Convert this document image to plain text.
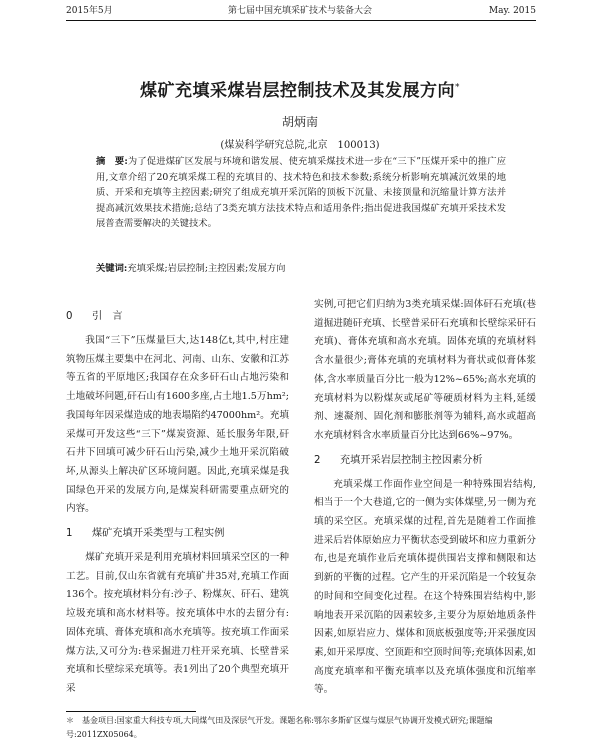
2015年5月	第七届中国充填采矿技术与装备大会	May. 2015
煤矿充填采煤岩层控制技术及其发展方向*
胡炳南
(煤炭科学研究总院,北京　100013)
摘　要:为了促进煤矿区发展与环境和谐发展、使充填采煤技术进一步在“三下”压煤开采中的推广应用,文章介绍了20充填采煤工程的充填目的、技术特色和技术参数;系统分析影响充填减沉效果的地质、开采和充填等主控因素;研究了组成充填开采沉陷的顶板下沉量、未接顶量和沉缩量计算方法并提高减沉效果技术措施;总结了3类充填方法技术特点和适用条件;指出促进我国煤矿充填开采技术发展普查需要解决的关键技术。
关键词:充填采煤;岩层控制;主控因素;发展方向

0 引　言

我国“三下”压煤量巨大,达148亿t,其中,村庄建筑物压煤主要集中在河北、河南、山东、安徽和江苏等五省的平原地区;我国存在众多矸石山占地污染和土地破坏问题,矸石山有1600多座,占土地1.5万hm²;我国每年因采煤造成的地表塌陷约47000hm²。充填采煤可开发这些“三下”煤炭资源、延长服务年限,矸石井下回填可减少矸石山污染,减少土地开采沉陷破坏,从源头上解决矿区环境问题。因此,充填采煤是我国绿色开采的发展方向,是煤炭科研需要重点研究的内容。

1 煤矿充填开采类型与工程实例

煤矿充填开采是利用充填材料回填采空区的一种工艺。目前,仅山东省就有充填矿井35对,充填工作面136个。按充填材料分有:沙子、粉煤灰、矸石、建筑垃圾充填和高水材料等。按充填体中水的去留分有:固体充填、膏体充填和高水充填等。按充填工作面采煤方法,又可分为:巷采掘进刀柱开采充填、长壁普采充填和长壁综采充填等。表1列出了20个典型充填开采

实例,可把它们归纳为3类充填采煤:固体矸石充填(巷道掘进随矸充填、长壁普采矸石充填和长壁综采矸石充填)、膏体充填和高水充填。固体充填的充填材料含水量很少;膏体充填的充填材料为膏状或似膏体浆体,含水率质量百分比一般为12%~65%;高水充填的充填材料为以粉煤灰或尾矿等硬质材料为主料,延缓剂、速凝剂、固化剂和膨胀剂等为辅料,高水或超高水充填材料含水率质量百分比达到66%~97%。

2 充填开采岩层控制主控因素分析

充填采煤工作面作业空间是一种特殊围岩结构,相当于一个大巷道,它的一侧为实体煤壁,另一侧为充填的采空区。充填采煤的过程,首先是随着工作面推进采后岩体原始应力平衡状态受到破坏和应力重新分布,也是充填作业后充填体提供围岩支撑和侧限和达到新的平衡的过程。它产生的开采沉陷是一个较复杂的时间和空间变化过程。在这个特殊围岩结构中,影响地表开采沉陷的因素较多,主要分为原始地质条件因素,如原岩应力、煤体和顶底板强度等;开采强度因素,如开采厚度、空顶距和空顶时间等;充填体因素,如高度充填率和平衡充填率以及充填体强度和沉缩率等。

＊　基金项目:国家重大科技专项,大同煤气田及深层气开发。课题名称:鄂尔多斯矿区煤与煤层气协调开发模式研究;课题编号:2011ZX05064。
